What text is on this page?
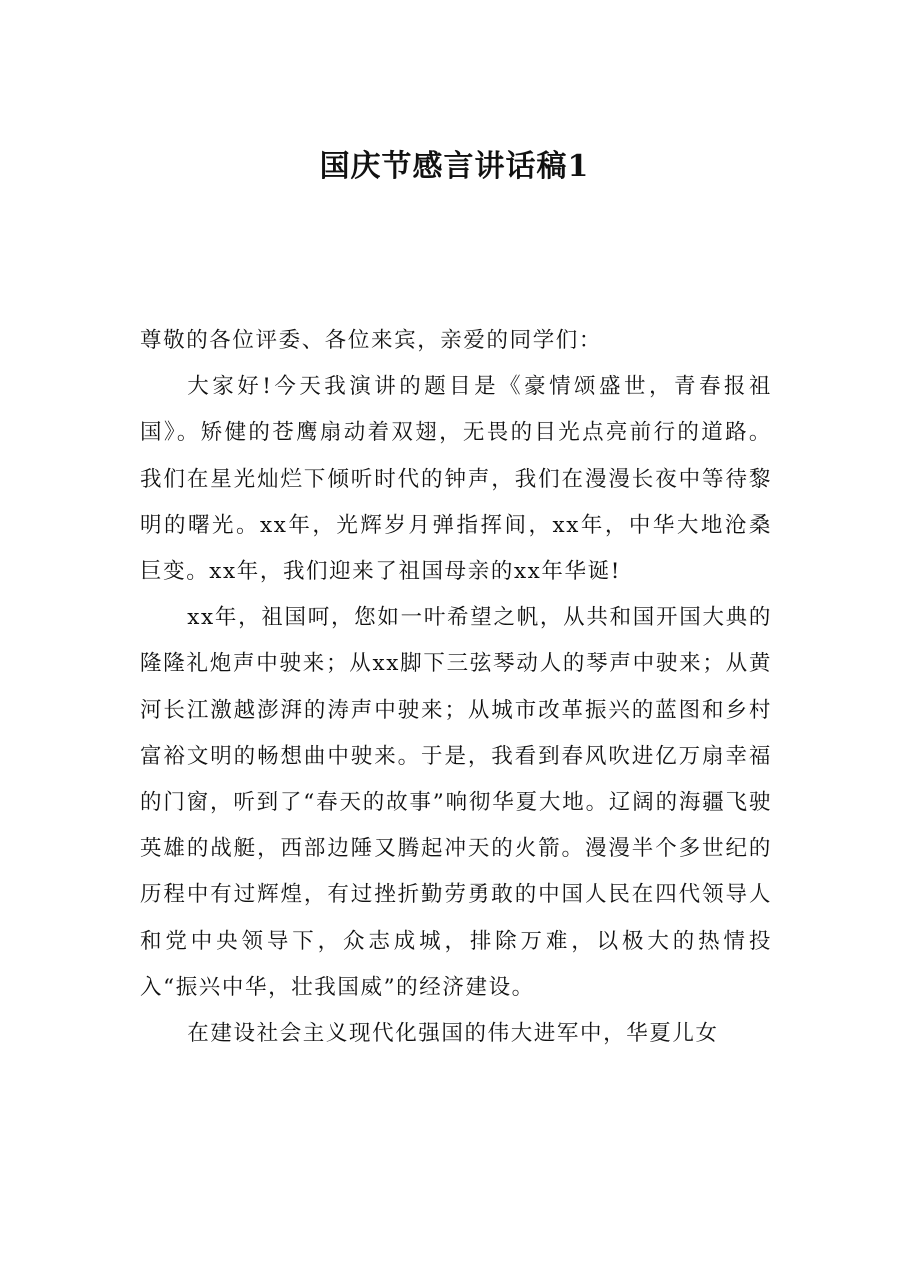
国庆节感言讲话稿1

尊敬的各位评委、各位来宾，亲爱的同学们：

大家好!今天我演讲的题目是《豪情颂盛世，青春报祖国》。矫健的苍鹰扇动着双翅，无畏的目光点亮前行的道路。我们在星光灿烂下倾听时代的钟声，我们在漫漫长夜中等待黎明的曙光。xx年，光辉岁月弹指挥间，xx年，中华大地沧桑巨变。xx年，我们迎来了祖国母亲的xx年华诞!

xx年，祖国呵，您如一叶希望之帆，从共和国开国大典的隆隆礼炮声中驶来；从xx脚下三弦琴动人的琴声中驶来；从黄河长江激越澎湃的涛声中驶来；从城市改革振兴的蓝图和乡村富裕文明的畅想曲中驶来。于是，我看到春风吹进亿万扇幸福的门窗，听到了“春天的故事”响彻华夏大地。辽阔的海疆飞驶英雄的战艇，西部边陲又腾起冲天的火箭。漫漫半个多世纪的历程中有过辉煌，有过挫折勤劳勇敢的中国人民在四代领导人和党中央领导下，众志成城，排除万难，以极大的热情投入“振兴中华，壮我国威”的经济建设。

在建设社会主义现代化强国的伟大进军中，华夏儿女
